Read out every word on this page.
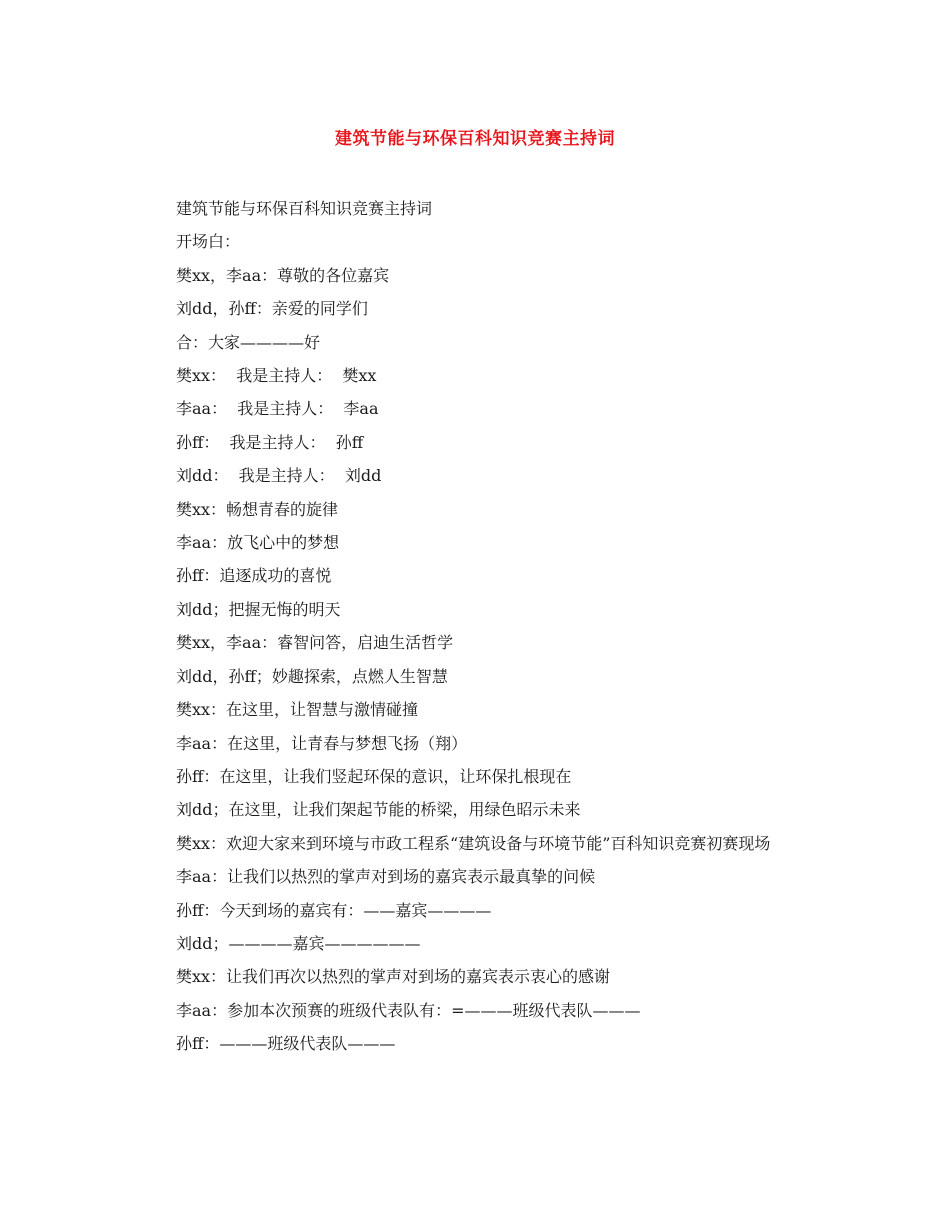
建筑节能与环保百科知识竞赛主持词

建筑节能与环保百科知识竞赛主持词

开场白：

樊xx，李aa：尊敬的各位嘉宾

刘dd，孙ff：亲爱的同学们

合：大家————好

樊xx：  我是主持人：  樊xx

李aa：  我是主持人：  李aa

孙ff：  我是主持人：  孙ff

刘dd：  我是主持人：  刘dd

樊xx：畅想青春的旋律

李aa：放飞心中的梦想

孙ff：追逐成功的喜悦

刘dd；把握无悔的明天

樊xx，李aa：睿智问答，启迪生活哲学

刘dd，孙ff；妙趣探索，点燃人生智慧

樊xx：在这里，让智慧与激情碰撞

李aa：在这里，让青春与梦想飞扬（翔）

孙ff：在这里，让我们竖起环保的意识，让环保扎根现在

刘dd；在这里，让我们架起节能的桥梁，用绿色昭示未来

樊xx：欢迎大家来到环境与市政工程系“建筑设备与环境节能”百科知识竞赛初赛现场

李aa：让我们以热烈的掌声对到场的嘉宾表示最真挚的问候

孙ff：今天到场的嘉宾有：——嘉宾————

刘dd；————嘉宾——————

樊xx：让我们再次以热烈的掌声对到场的嘉宾表示衷心的感谢

李aa：参加本次预赛的班级代表队有：=———班级代表队———

孙ff：———班级代表队———
